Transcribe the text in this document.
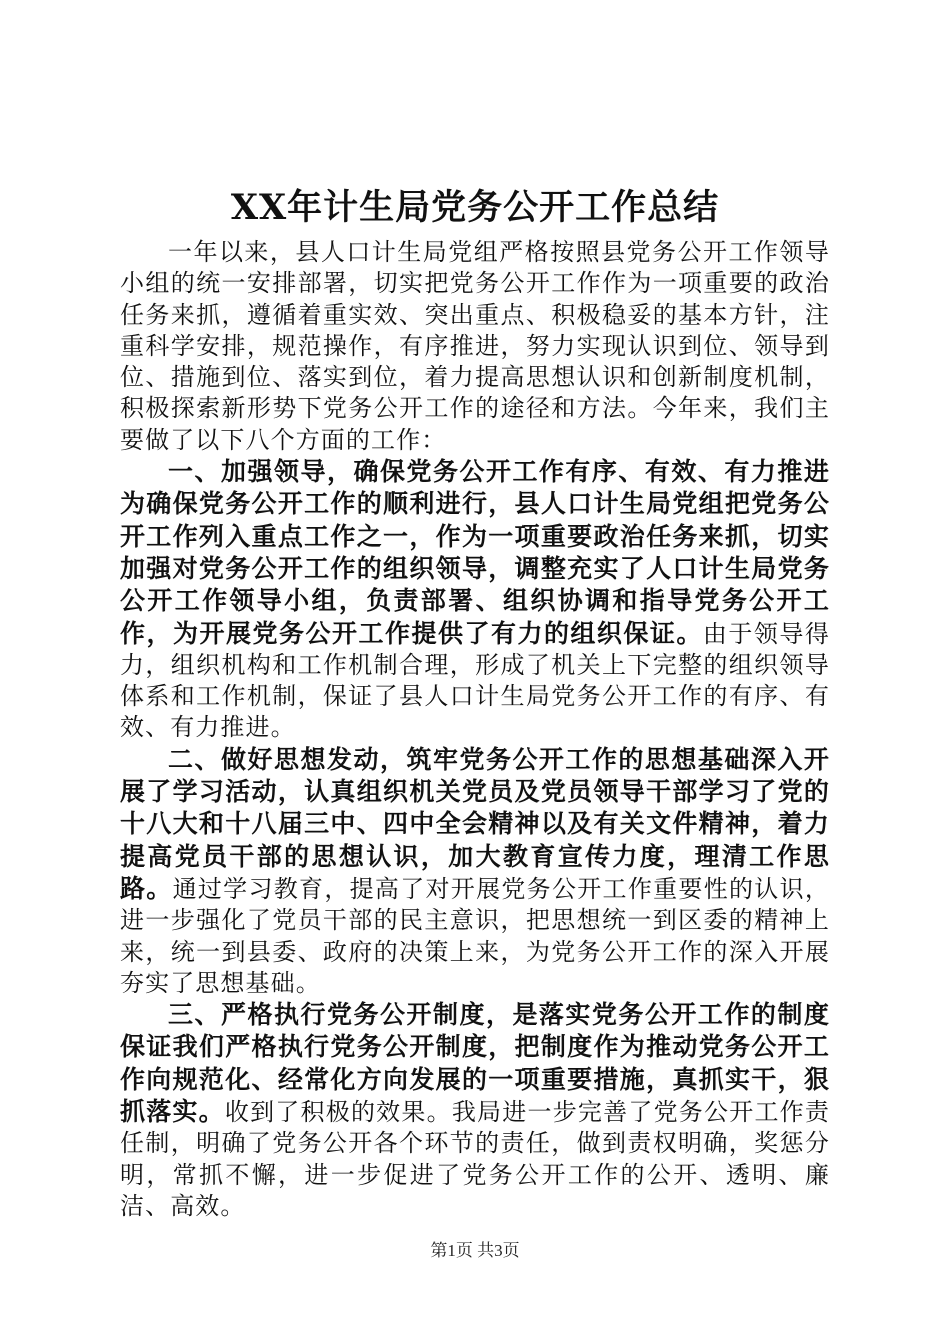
XX年计生局党务公开工作总结

一年以来，县人口计生局党组严格按照县党务公开工作领导小组的统一安排部署，切实把党务公开工作作为一项重要的政治任务来抓，遵循着重实效、突出重点、积极稳妥的基本方针，注重科学安排，规范操作，有序推进，努力实现认识到位、领导到位、措施到位、落实到位，着力提高思想认识和创新制度机制，积极探索新形势下党务公开工作的途径和方法。今年来，我们主要做了以下八个方面的工作：

一、加强领导，确保党务公开工作有序、有效、有力推进为确保党务公开工作的顺利进行，县人口计生局党组把党务公开工作列入重点工作之一，作为一项重要政治任务来抓，切实加强对党务公开工作的组织领导，调整充实了人口计生局党务公开工作领导小组，负责部署、组织协调和指导党务公开工作，为开展党务公开工作提供了有力的组织保证。由于领导得力，组织机构和工作机制合理，形成了机关上下完整的组织领导体系和工作机制，保证了县人口计生局党务公开工作的有序、有效、有力推进。

二、做好思想发动，筑牢党务公开工作的思想基础深入开展了学习活动，认真组织机关党员及党员领导干部学习了党的十八大和十八届三中、四中全会精神以及有关文件精神，着力提高党员干部的思想认识，加大教育宣传力度，理清工作思路。通过学习教育，提高了对开展党务公开工作重要性的认识，进一步强化了党员干部的民主意识，把思想统一到区委的精神上来，统一到县委、政府的决策上来，为党务公开工作的深入开展夯实了思想基础。

三、严格执行党务公开制度，是落实党务公开工作的制度保证我们严格执行党务公开制度，把制度作为推动党务公开工作向规范化、经常化方向发展的一项重要措施，真抓实干，狠抓落实。收到了积极的效果。我局进一步完善了党务公开工作责任制，明确了党务公开各个环节的责任，做到责权明确，奖惩分明，常抓不懈，进一步促进了党务公开工作的公开、透明、廉洁、高效。

第1页 共3页
